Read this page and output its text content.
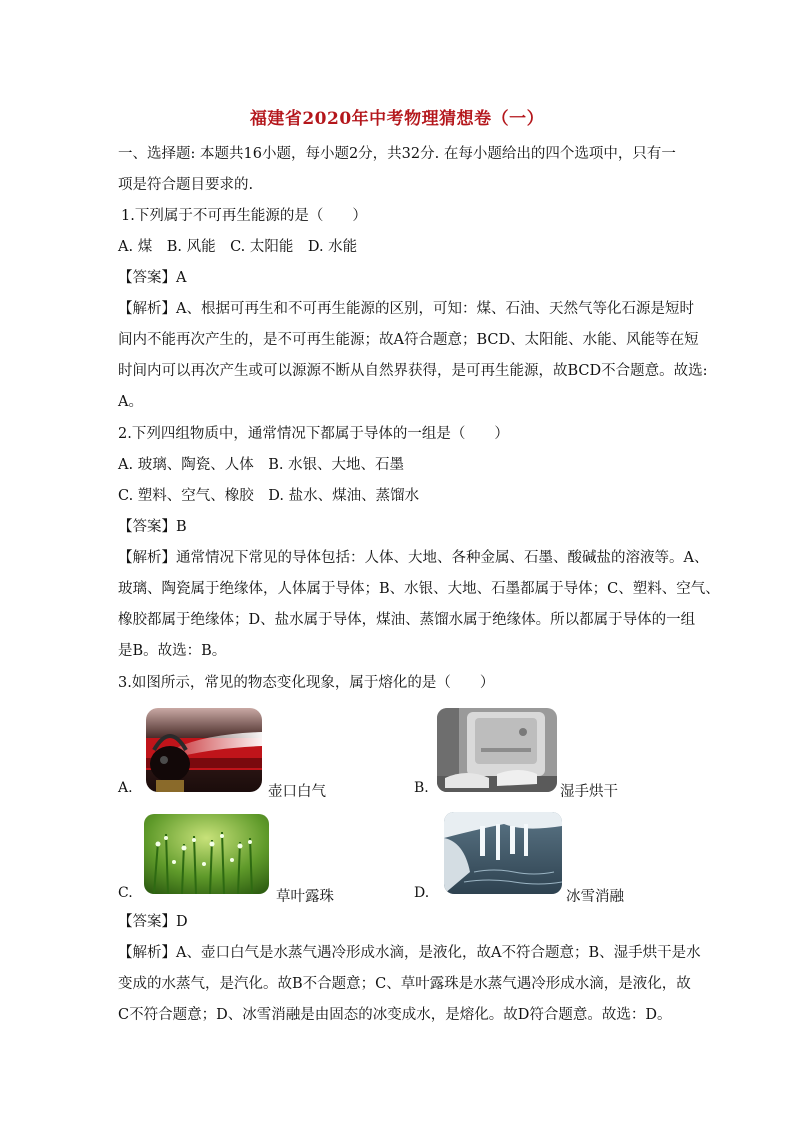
福建省2020年中考物理猜想卷（一）
一、选择题: 本题共16小题，每小题2分，共32分. 在每小题给出的四个选项中，只有一
项是符合题目要求的.
1.下列属于不可再生能源的是（　　）
A. 煤　B. 风能　C. 太阳能　D. 水能
【答案】A
【解析】A、根据可再生和不可再生能源的区别，可知：煤、石油、天然气等化石源是短时
间内不能再次产生的，是不可再生能源；故A符合题意；BCD、太阳能、水能、风能等在短
时间内可以再次产生或可以源源不断从自然界获得，是可再生能源，故BCD不合题意。故选:
A。
2.下列四组物质中，通常情况下都属于导体的一组是（　　）
A. 玻璃、陶瓷、人体　B. 水银、大地、石墨
C. 塑料、空气、橡胶　D. 盐水、煤油、蒸馏水
【答案】B
【解析】通常情况下常见的导体包括：人体、大地、各种金属、石墨、酸碱盐的溶液等。A、
玻璃、陶瓷属于绝缘体，人体属于导体；B、水银、大地、石墨都属于导体；C、塑料、空气、
橡胶都属于绝缘体；D、盐水属于导体，煤油、蒸馏水属于绝缘体。所以都属于导体的一组
是B。故选：B。
3.如图所示，常见的物态变化现象，属于熔化的是（　　）
A.	壶口白气	B.	湿手烘干
C.	草叶露珠	D.	冰雪消融
【答案】D
【解析】A、壶口白气是水蒸气遇冷形成水滴，是液化，故A不符合题意；B、湿手烘干是水
变成的水蒸气，是汽化。故B不合题意；C、草叶露珠是水蒸气遇冷形成水滴，是液化，故
C不符合题意；D、冰雪消融是由固态的冰变成水，是熔化。故D符合题意。故选：D。
